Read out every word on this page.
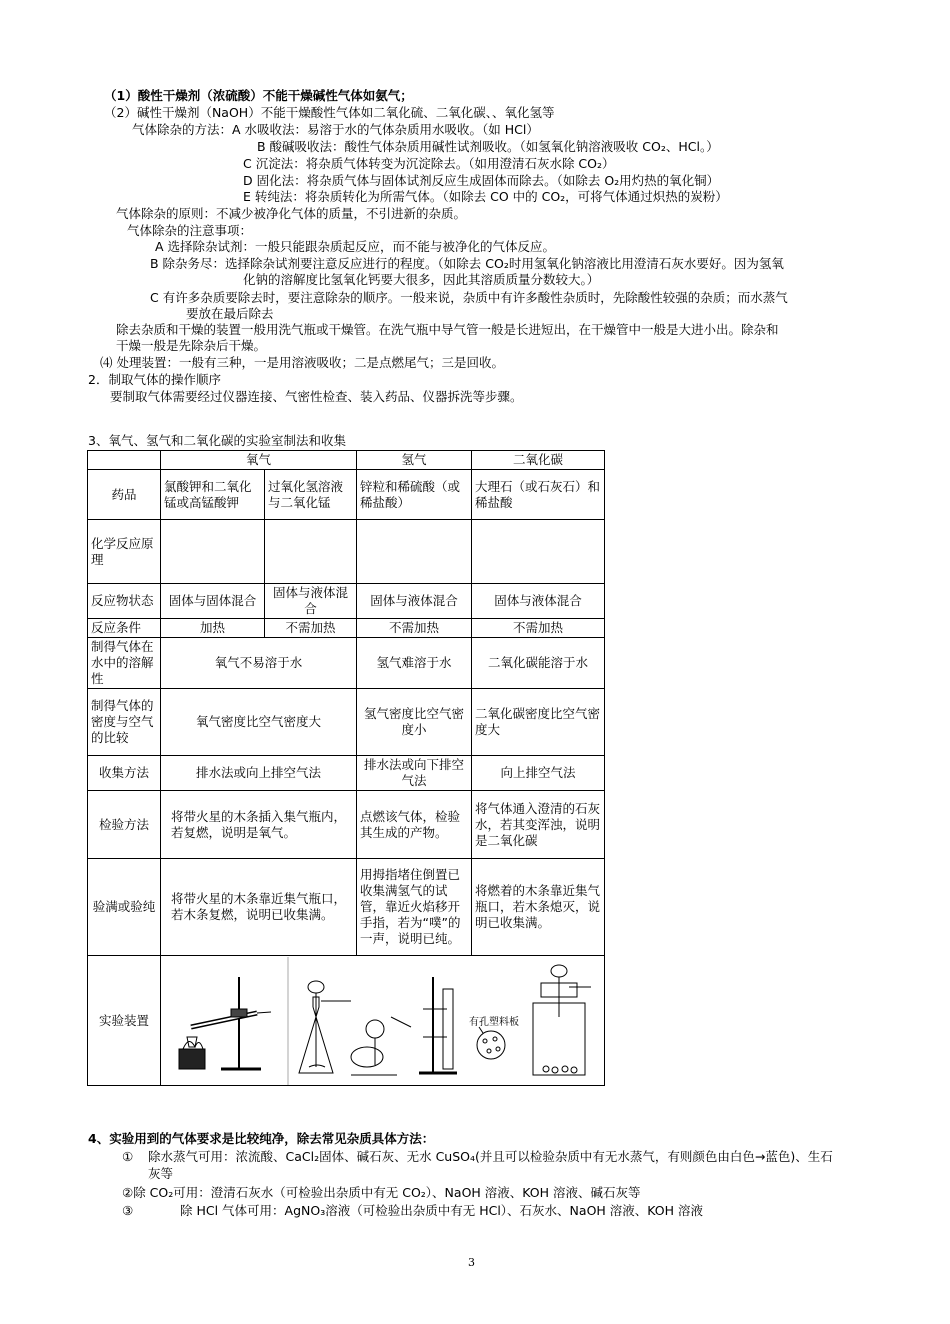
（1）酸性干燥剂（浓硫酸）不能干燥碱性气体如氨气；
（2）碱性干燥剂（NaOH）不能干燥酸性气体如二氧化硫、二氧化碳、、氧化氢等
气体除杂的方法：A 水吸收法：易溶于水的气体杂质用水吸收。（如 HCl）
B 酸碱吸收法：酸性气体杂质用碱性试剂吸收。（如氢氧化钠溶液吸收 CO₂、HCl。）
C 沉淀法：将杂质气体转变为沉淀除去。（如用澄清石灰水除 CO₂）
D 固化法：将杂质气体与固体试剂反应生成固体而除去。（如除去 O₂用灼热的氧化铜）
E 转纯法：将杂质转化为所需气体。（如除去 CO 中的 CO₂，可将气体通过炽热的炭粉）
气体除杂的原则：不减少被净化气体的质量，不引进新的杂质。
气体除杂的注意事项：
A 选择除杂试剂：一般只能跟杂质起反应，而不能与被净化的气体反应。
B 除杂务尽：选择除杂试剂要注意反应进行的程度。（如除去 CO₂时用氢氧化钠溶液比用澄清石灰水要好。因为氢氧
化钠的溶解度比氢氧化钙要大很多，因此其溶质质量分数较大。）
C 有许多杂质要除去时，要注意除杂的顺序。一般来说，杂质中有许多酸性杂质时，先除酸性较强的杂质；而水蒸气
要放在最后除去
除去杂质和干燥的装置一般用洗气瓶或干燥管。在洗气瓶中导气管一般是长进短出，在干燥管中一般是大进小出。除杂和
干燥一般是先除杂后干燥。
⑷ 处理装置：一般有三种，一是用溶液吸收；二是点燃尾气；三是回收。
2．制取气体的操作顺序
要制取气体需要经过仪器连接、气密性检查、装入药品、仪器拆洗等步骤。
3、氧气、氢气和二氧化碳的实验室制法和收集
	氧气		氢气	二氧化碳
药品	氯酸钾和二氧化锰或高锰酸钾	过氧化氢溶液与二氧化锰	锌粒和稀硫酸（或稀盐酸）	大理石（或石灰石）和稀盐酸
化学反应原理				
反应物状态	固体与固体混合	固体与液体混合	固体与液体混合	固体与液体混合
反应条件	加热	不需加热	不需加热	不需加热
制得气体在水中的溶解性	氧气不易溶于水		氢气难溶于水	二氧化碳能溶于水
制得气体的密度与空气的比较	氧气密度比空气密度大		氢气密度比空气密度小	二氧化碳密度比空气密度大
收集方法	排水法或向上排空气法		排水法或向下排空气法	向上排空气法
检验方法	将带火星的木条插入集气瓶内，若复燃，说明是氧气。		点燃该气体，检验其生成的产物。	将气体通入澄清的石灰水，若其变浑浊，说明是二氧化碳
验满或验纯	将带火星的木条靠近集气瓶口，若木条复燃，说明已收集满。		用拇指堵住倒置已收集满氢气的试管，靠近火焰移开手指，若为“噗”的一声，说明已纯。	将燃着的木条靠近集气瓶口，若木条熄灭，说明已收集满。
实验装置	有孔塑料板			
4、实验用到的气体要求是比较纯净，除去常见杂质具体方法：
① 除水蒸气可用：浓流酸、CaCl₂固体、碱石灰、无水 CuSO₄(并且可以检验杂质中有无水蒸气，有则颜色由白色→蓝色)、生石
灰等
②除 CO₂可用：澄清石灰水（可检验出杂质中有无 CO₂）、NaOH 溶液、KOH 溶液、碱石灰等
③	除 HCl 气体可用：AgNO₃溶液（可检验出杂质中有无 HCl）、石灰水、NaOH 溶液、KOH 溶液
3
